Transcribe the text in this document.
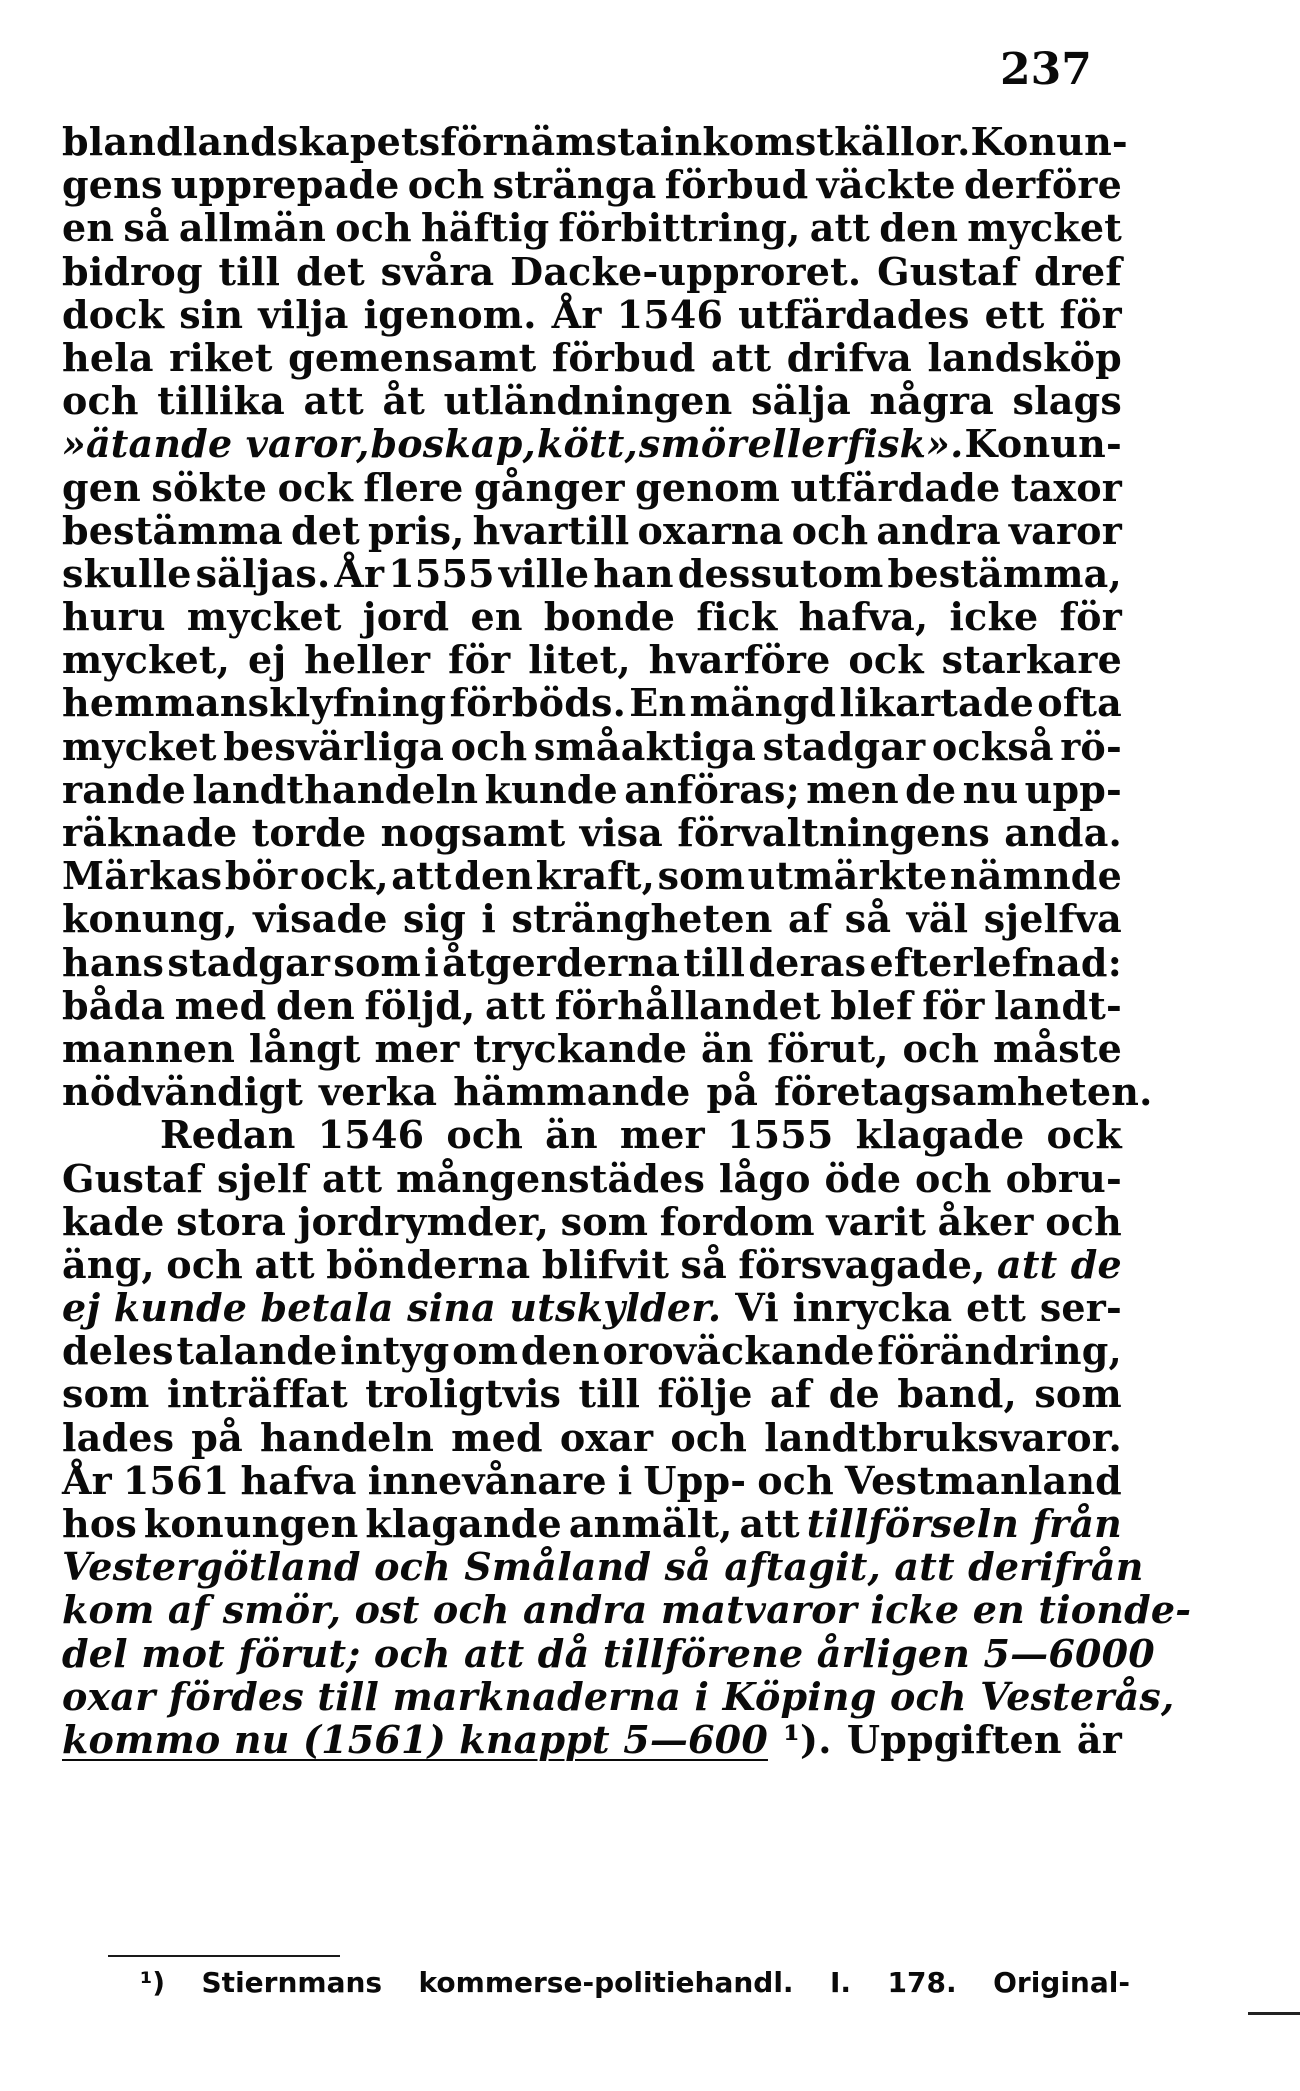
237
bland landskapets förnämsta inkomstkällor. Konun-
gens upprepade och stränga förbud väckte derföre
en så allmän och häftig förbittring, att den mycket
bidrog till det svåra Dacke-upproret. Gustaf dref
dock sin vilja igenom. År 1546 utfärdades ett för
hela riket gemensamt förbud att drifva landsköp
och tillika att åt utländningen sälja några slags
»ätande varor, boskap, kött, smör eller fisk». Konun-
gen sökte ock flere gånger genom utfärdade taxor
bestämma det pris, hvartill oxarna och andra varor
skulle säljas. År 1555 ville han dessutom bestämma,
huru mycket jord en bonde fick hafva, icke för
mycket, ej heller för litet, hvarföre ock starkare
hemmansklyfning förböds. En mängd likartade ofta
mycket besvärliga och småaktiga stadgar också rö-
rande landthandeln kunde anföras; men de nu upp-
räknade torde nogsamt visa förvaltningens anda.
Märkas bör ock, att den kraft, som utmärkte nämnde
konung, visade sig i strängheten af så väl sjelfva
hans stadgar som i åtgerderna till deras efterlefnad:
båda med den följd, att förhållandet blef för landt-
mannen långt mer tryckande än förut, och måste
nödvändigt verka hämmande på företagsamheten.
Redan 1546 och än mer 1555 klagade ock
Gustaf sjelf att mångenstädes lågo öde och obru-
kade stora jordrymder, som fordom varit åker och
äng, och att bönderna blifvit så försvagade, att de
ej kunde betala sina utskylder. Vi inrycka ett ser-
deles talande intyg om den oroväckande förändring,
som inträffat troligtvis till följe af de band, som
lades på handeln med oxar och landtbruksvaror.
År 1561 hafva innevånare i Upp- och Vestmanland
hos konungen klagande anmält, att tillförseln från
Vestergötland och Småland så aftagit, att derifrån
kom af smör, ost och andra matvaror icke en tionde-
del mot förut; och att då tillförene årligen 5—6000
oxar fördes till marknaderna i Köping och Vesterås,
kommo nu (1561) knappt 5—600 ¹). Uppgiften är
¹) Stiernmans kommerse-politiehandl. I. 178. Original-
